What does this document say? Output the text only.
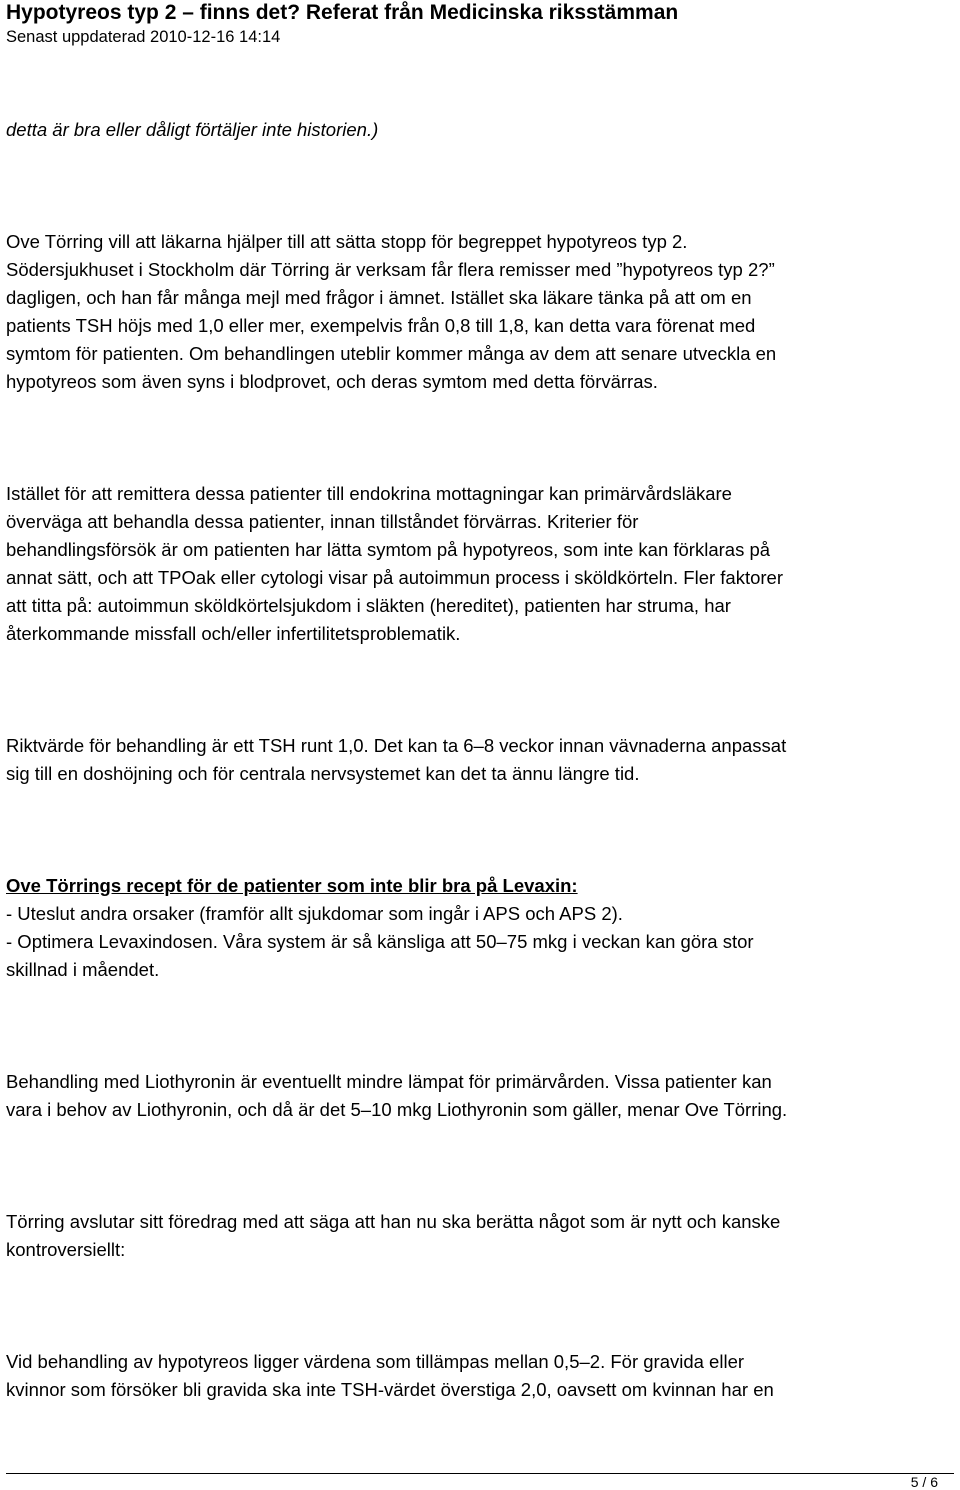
Hypotyreos typ 2 – finns det? Referat från Medicinska riksstämman

Senast uppdaterad 2010-12-16 14:14

detta är bra eller dåligt förtäljer inte historien.)

Ove Törring vill att läkarna hjälper till att sätta stopp för begreppet hypotyreos typ 2.
Södersjukhuset i Stockholm där Törring är verksam får flera remisser med ”hypotyreos typ 2?”
dagligen, och han får många mejl med frågor i ämnet. Istället ska läkare tänka på att om en
patients TSH höjs med 1,0 eller mer, exempelvis från 0,8 till 1,8, kan detta vara förenat med
symtom för patienten. Om behandlingen uteblir kommer många av dem att senare utveckla en
hypotyreos som även syns i blodprovet, och deras symtom med detta förvärras.

Istället för att remittera dessa patienter till endokrina mottagningar kan primärvårdsläkare
överväga att behandla dessa patienter, innan tillståndet förvärras. Kriterier för
behandlingsförsök är om patienten har lätta symtom på hypotyreos, som inte kan förklaras på
annat sätt, och att TPOak eller cytologi visar på autoimmun process i sköldkörteln. Fler faktorer
att titta på: autoimmun sköldkörtelsjukdom i släkten (hereditet), patienten har struma, har
återkommande missfall och/eller infertilitetsproblematik.

Riktvärde för behandling är ett TSH runt 1,0. Det kan ta 6–8 veckor innan vävnaderna anpassat
sig till en doshöjning och för centrala nervsystemet kan det ta ännu längre tid.

Ove Törrings recept för de patienter som inte blir bra på Levaxin:

- Uteslut andra orsaker (framför allt sjukdomar som ingår i APS och APS 2).
- Optimera Levaxindosen. Våra system är så känsliga att 50–75 mkg i veckan kan göra stor
skillnad i måendet.

Behandling med Liothyronin är eventuellt mindre lämpat för primärvården. Vissa patienter kan
vara i behov av Liothyronin, och då är det 5–10 mkg Liothyronin som gäller, menar Ove Törring.

Törring avslutar sitt föredrag med att säga att han nu ska berätta något som är nytt och kanske
kontroversiellt:

Vid behandling av hypotyreos ligger värdena som tillämpas mellan 0,5–2. För gravida eller
kvinnor som försöker bli gravida ska inte TSH-värdet överstiga 2,0, oavsett om kvinnan har en

5 / 6
